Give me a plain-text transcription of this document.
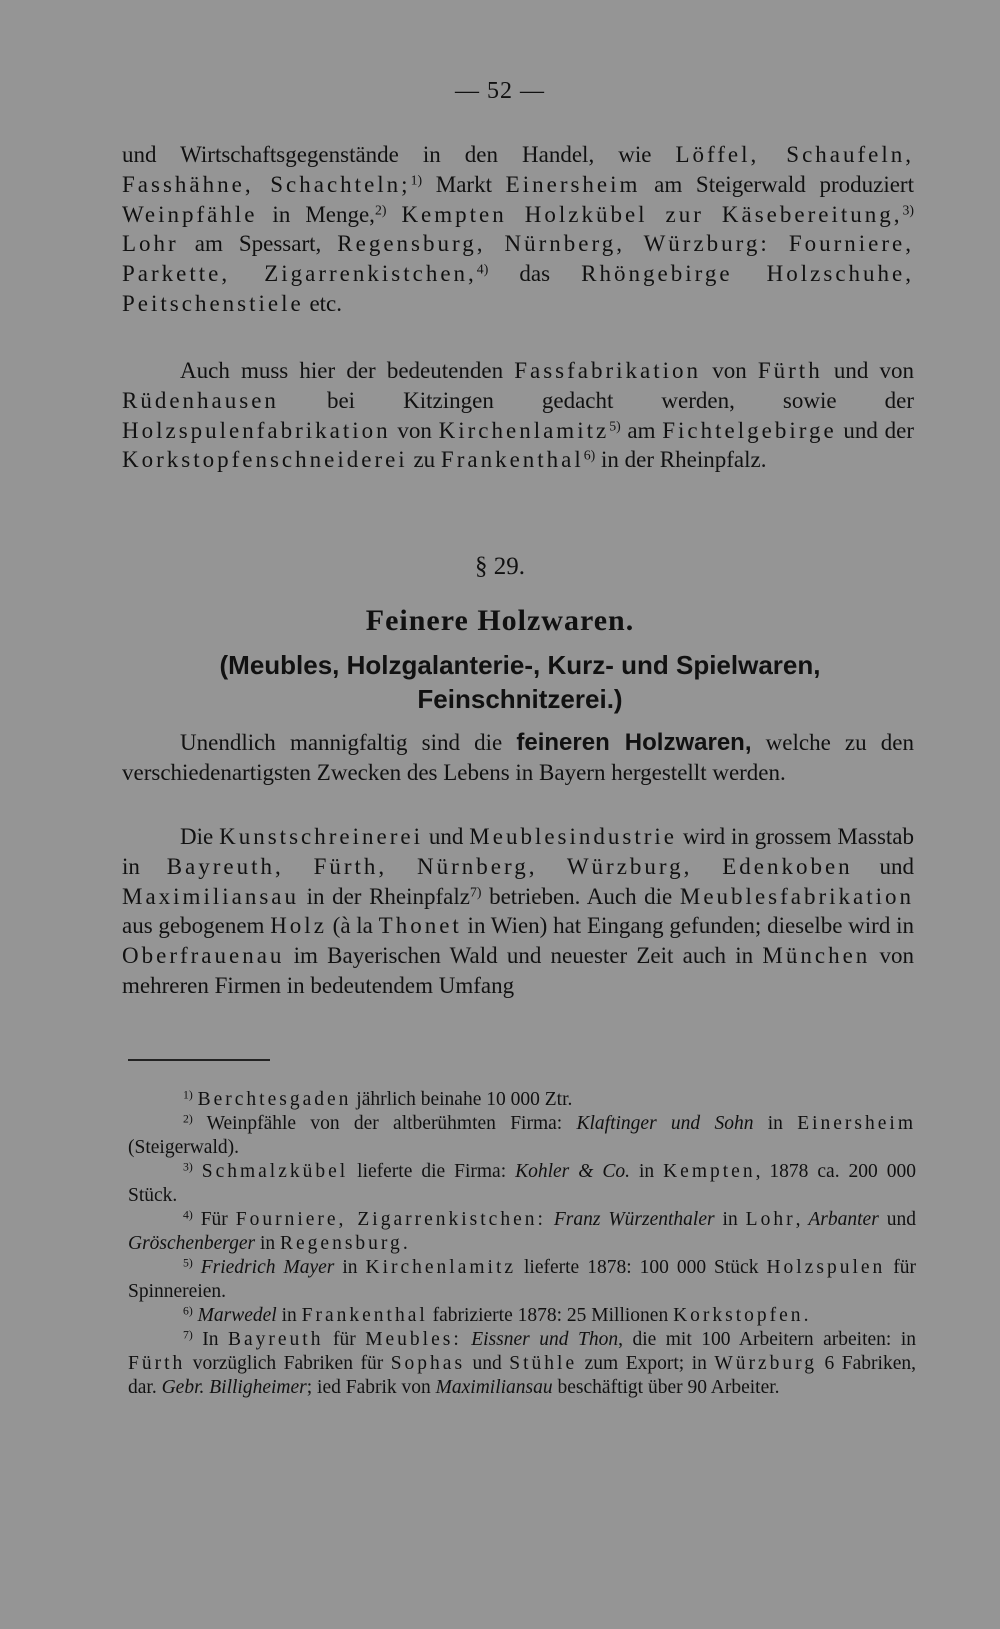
— 52 —

und Wirtschaftsgegenstände in den Handel, wie Löffel, Schaufeln, Fasshähne, Schachteln;$^{1)}$ Markt Einersheim am Steigerwald produziert Weinpfähle in Menge,$^{2)}$ Kempten Holzkübel zur Käsebereitung,$^{3)}$ Lohr am Spessart, Regensburg, Nürnberg, Würzburg: Fourniere, Parkette, Zigarrenkistchen,$^{4)}$ das Rhöngebirge Holzschuhe, Peitschenstiele etc.

Auch muss hier der bedeutenden Fassfabrikation von Fürth und von Rüdenhausen bei Kitzingen gedacht werden, sowie der Holzspulenfabrikation von Kirchenlamitz$^{5)}$ am Fichtelgebirge und der Korkstopfenschneiderei zu Frankenthal$^{6)}$ in der Rheinpfalz.

§ 29.
Feinere Holzwaren.
(Meubles, Holzgalanterie-, Kurz- und Spielwaren, Feinschnitzerei.)

Unendlich mannigfaltig sind die feineren Holzwaren, welche zu den verschiedenartigsten Zwecken des Lebens in Bayern hergestellt werden.

Die Kunstschreinerei und Meublesindustrie wird in grossem Masstab in Bayreuth, Fürth, Nürnberg, Würzburg, Edenkoben und Maximiliansau in der Rheinpfalz$^{7)}$ betrieben. Auch die Meublesfabrikation aus gebogenem Holz (à la Thonet in Wien) hat Eingang gefunden; dieselbe wird in Oberfrauenau im Bayerischen Wald und neuester Zeit auch in München von mehreren Firmen in bedeutendem Umfang

$^{1)}$ Berchtesgaden jährlich beinahe 10 000 Ztr.

$^{2)}$ Weinpfähle von der altberühmten Firma: Klaftinger und Sohn in Einersheim (Steigerwald).

$^{3)}$ Schmalzkübel lieferte die Firma: Kohler & Co. in Kempten, 1878 ca. 200 000 Stück.

$^{4)}$ Für Fourniere, Zigarrenkistchen: Franz Würzenthaler in Lohr, Arbanter und Gröschenberger in Regensburg.

$^{5)}$ Friedrich Mayer in Kirchenlamitz lieferte 1878: 100 000 Stück Holzspulen für Spinnereien.

$^{6)}$ Marwedel in Frankenthal fabrizierte 1878: 25 Millionen Korkstopfen.

$^{7)}$ In Bayreuth für Meubles: Eissner und Thon, die mit 100 Arbeitern arbeiten: in Fürth vorzüglich Fabriken für Sophas und Stühle zum Export; in Würzburg 6 Fabriken, dar. Gebr. Billigheimer; ied Fabrik von Maximiliansau beschäftigt über 90 Arbeiter.
